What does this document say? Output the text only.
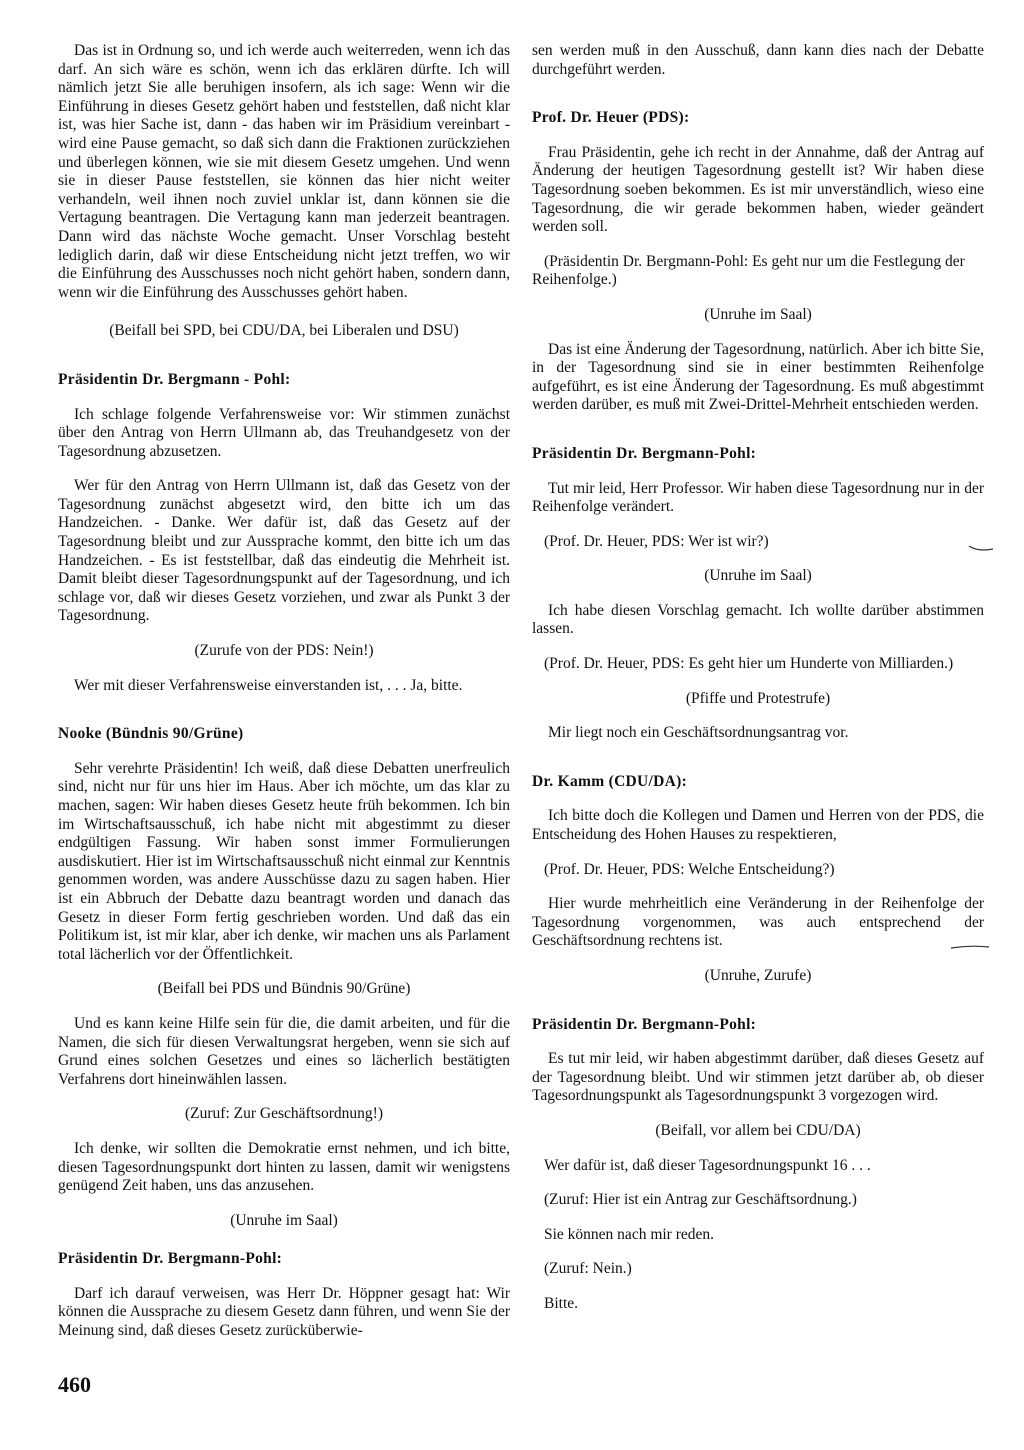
Das ist in Ordnung so, und ich werde auch weiterreden, wenn ich das darf. An sich wäre es schön, wenn ich das erklären dürfte. Ich will nämlich jetzt Sie alle beruhigen insofern, als ich sage: Wenn wir die Einführung in dieses Gesetz gehört haben und feststellen, daß nicht klar ist, was hier Sache ist, dann - das haben wir im Präsidium vereinbart - wird eine Pause gemacht, so daß sich dann die Fraktionen zurückziehen und überlegen können, wie sie mit diesem Gesetz umgehen. Und wenn sie in dieser Pause feststellen, sie können das hier nicht weiter verhandeln, weil ihnen noch zuviel unklar ist, dann können sie die Vertagung beantragen. Die Vertagung kann man jederzeit beantragen. Dann wird das nächste Woche gemacht. Unser Vorschlag besteht lediglich darin, daß wir diese Entscheidung nicht jetzt treffen, wo wir die Einführung des Ausschusses noch nicht gehört haben, sondern dann, wenn wir die Einführung des Ausschusses gehört haben.

(Beifall bei SPD, bei CDU/DA, bei Liberalen und DSU)

Präsidentin Dr. Bergmann - Pohl:

Ich schlage folgende Verfahrensweise vor: Wir stimmen zunächst über den Antrag von Herrn Ullmann ab, das Treuhandgesetz von der Tagesordnung abzusetzen.

Wer für den Antrag von Herrn Ullmann ist, daß das Gesetz von der Tagesordnung zunächst abgesetzt wird, den bitte ich um das Handzeichen. - Danke. Wer dafür ist, daß das Gesetz auf der Tagesordnung bleibt und zur Aussprache kommt, den bitte ich um das Handzeichen. - Es ist feststellbar, daß das eindeutig die Mehrheit ist. Damit bleibt dieser Tagesordnungspunkt auf der Tagesordnung, und ich schlage vor, daß wir dieses Gesetz vorziehen, und zwar als Punkt 3 der Tagesordnung.

(Zurufe von der PDS: Nein!)

Wer mit dieser Verfahrensweise einverstanden ist, . . . Ja, bitte.

Nooke (Bündnis 90/Grüne)

Sehr verehrte Präsidentin! Ich weiß, daß diese Debatten unerfreulich sind, nicht nur für uns hier im Haus. Aber ich möchte, um das klar zu machen, sagen: Wir haben dieses Gesetz heute früh bekommen. Ich bin im Wirtschaftsausschuß, ich habe nicht mit abgestimmt zu dieser endgültigen Fassung. Wir haben sonst immer Formulierungen ausdiskutiert. Hier ist im Wirtschaftsausschuß nicht einmal zur Kenntnis genommen worden, was andere Ausschüsse dazu zu sagen haben. Hier ist ein Abbruch der Debatte dazu beantragt worden und danach das Gesetz in dieser Form fertig geschrieben worden. Und daß das ein Politikum ist, ist mir klar, aber ich denke, wir machen uns als Parlament total lächerlich vor der Öffentlichkeit.

(Beifall bei PDS und Bündnis 90/Grüne)

Und es kann keine Hilfe sein für die, die damit arbeiten, und für die Namen, die sich für diesen Verwaltungsrat hergeben, wenn sie sich auf Grund eines solchen Gesetzes und eines so lächerlich bestätigten Verfahrens dort hineinwählen lassen.

(Zuruf: Zur Geschäftsordnung!)

Ich denke, wir sollten die Demokratie ernst nehmen, und ich bitte, diesen Tagesordnungspunkt dort hinten zu lassen, damit wir wenigstens genügend Zeit haben, uns das anzusehen.

(Unruhe im Saal)

Präsidentin Dr. Bergmann-Pohl:

Darf ich darauf verweisen, was Herr Dr. Höppner gesagt hat: Wir können die Aussprache zu diesem Gesetz dann führen, und wenn Sie der Meinung sind, daß dieses Gesetz zurücküberwie-

sen werden muß in den Ausschuß, dann kann dies nach der Debatte durchgeführt werden.

Prof. Dr. Heuer (PDS):

Frau Präsidentin, gehe ich recht in der Annahme, daß der Antrag auf Änderung der heutigen Tagesordnung gestellt ist? Wir haben diese Tagesordnung soeben bekommen. Es ist mir unverständlich, wieso eine Tagesordnung, die wir gerade bekommen haben, wieder geändert werden soll.

(Präsidentin Dr. Bergmann-Pohl: Es geht nur um die Festlegung der Reihenfolge.)

(Unruhe im Saal)

Das ist eine Änderung der Tagesordnung, natürlich. Aber ich bitte Sie, in der Tagesordnung sind sie in einer bestimmten Reihenfolge aufgeführt, es ist eine Änderung der Tagesordnung. Es muß abgestimmt werden darüber, es muß mit Zwei-Drittel-Mehrheit entschieden werden.

Präsidentin Dr. Bergmann-Pohl:

Tut mir leid, Herr Professor. Wir haben diese Tagesordnung nur in der Reihenfolge verändert.

(Prof. Dr. Heuer, PDS: Wer ist wir?)

(Unruhe im Saal)

Ich habe diesen Vorschlag gemacht. Ich wollte darüber abstimmen lassen.

(Prof. Dr. Heuer, PDS: Es geht hier um Hunderte von Milliarden.)

(Pfiffe und Protestrufe)

Mir liegt noch ein Geschäftsordnungsantrag vor.

Dr. Kamm (CDU/DA):

Ich bitte doch die Kollegen und Damen und Herren von der PDS, die Entscheidung des Hohen Hauses zu respektieren,

(Prof. Dr. Heuer, PDS: Welche Entscheidung?)

Hier wurde mehrheitlich eine Veränderung in der Reihenfolge der Tagesordnung vorgenommen, was auch entsprechend der Geschäftsordnung rechtens ist.

(Unruhe, Zurufe)

Präsidentin Dr. Bergmann-Pohl:

Es tut mir leid, wir haben abgestimmt darüber, daß dieses Gesetz auf der Tagesordnung bleibt. Und wir stimmen jetzt darüber ab, ob dieser Tagesordnungspunkt als Tagesordnungspunkt 3 vorgezogen wird.

(Beifall, vor allem bei CDU/DA)

Wer dafür ist, daß dieser Tagesordnungspunkt 16 . . .

(Zuruf: Hier ist ein Antrag zur Geschäftsordnung.)

Sie können nach mir reden.

(Zuruf: Nein.)

Bitte.

460
